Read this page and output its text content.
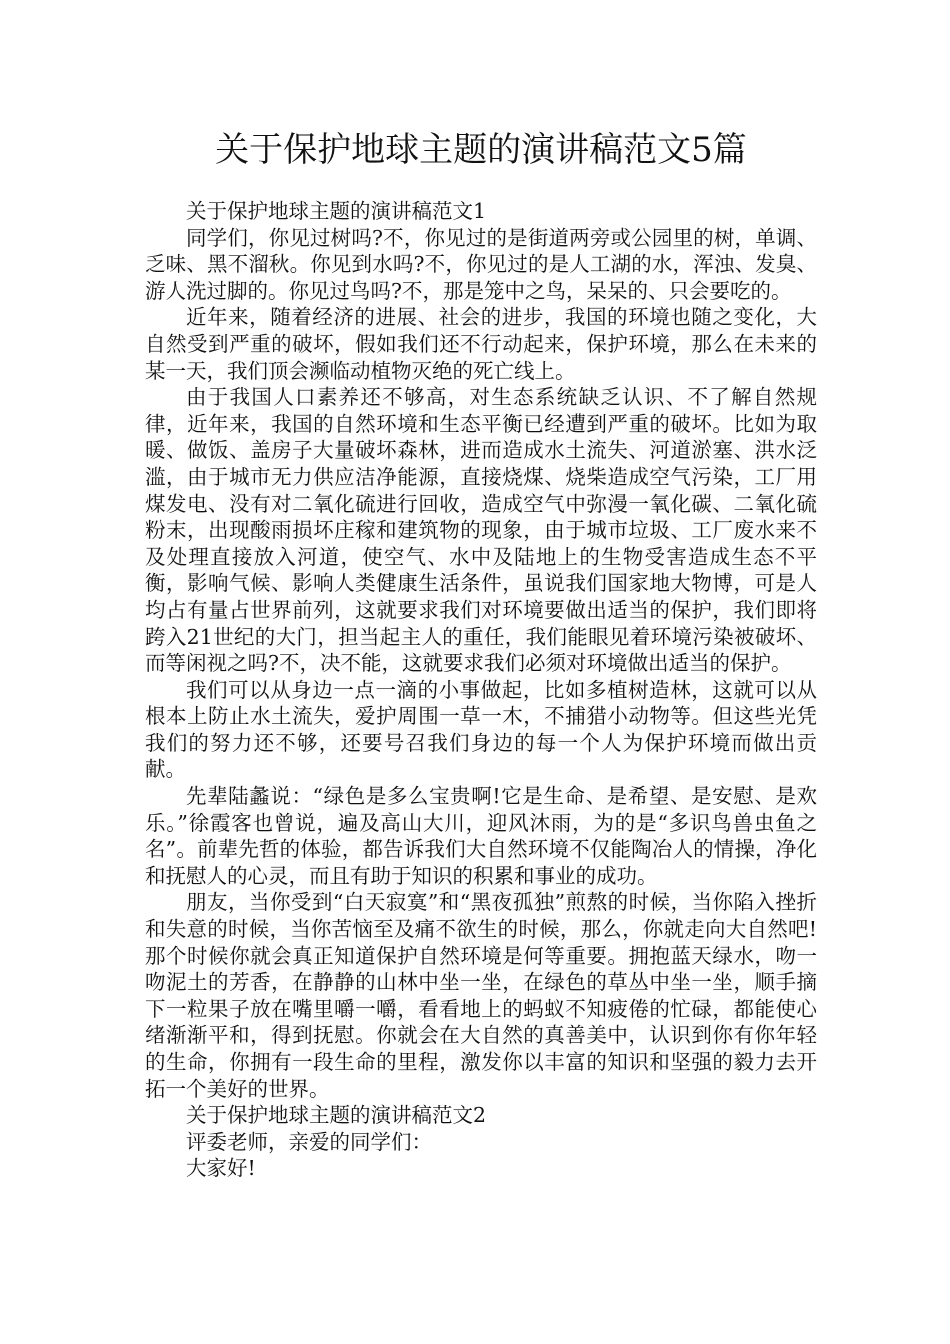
关于保护地球主题的演讲稿范文5篇

关于保护地球主题的演讲稿范文1

同学们，你见过树吗?不，你见过的是街道两旁或公园里的树，单调、乏味、黑不溜秋。你见到水吗?不，你见过的是人工湖的水，浑浊、发臭、游人洗过脚的。你见过鸟吗?不，那是笼中之鸟，呆呆的、只会要吃的。

近年来，随着经济的进展、社会的进步，我国的环境也随之变化，大自然受到严重的破坏，假如我们还不行动起来，保护环境，那么在未来的某一天，我们顶会濒临动植物灭绝的死亡线上。

由于我国人口素养还不够高，对生态系统缺乏认识、不了解自然规律，近年来，我国的自然环境和生态平衡已经遭到严重的破坏。比如为取暖、做饭、盖房子大量破坏森林，进而造成水土流失、河道淤塞、洪水泛滥，由于城市无力供应洁净能源，直接烧煤、烧柴造成空气污染，工厂用煤发电、没有对二氧化硫进行回收，造成空气中弥漫一氧化碳、二氧化硫粉末，出现酸雨损坏庄稼和建筑物的现象，由于城市垃圾、工厂废水来不及处理直接放入河道，使空气、水中及陆地上的生物受害造成生态不平衡，影响气候、影响人类健康生活条件，虽说我们国家地大物博，可是人均占有量占世界前列，这就要求我们对环境要做出适当的保护，我们即将跨入21世纪的大门，担当起主人的重任，我们能眼见着环境污染被破坏、而等闲视之吗?不，决不能，这就要求我们必须对环境做出适当的保护。

我们可以从身边一点一滴的小事做起，比如多植树造林，这就可以从根本上防止水土流失，爱护周围一草一木，不捕猎小动物等。但这些光凭我们的努力还不够，还要号召我们身边的每一个人为保护环境而做出贡献。

先辈陆蠡说：“绿色是多么宝贵啊!它是生命、是希望、是安慰、是欢乐。”徐霞客也曾说，遍及高山大川，迎风沐雨，为的是“多识鸟兽虫鱼之名”。前辈先哲的体验，都告诉我们大自然环境不仅能陶冶人的情操，净化和抚慰人的心灵，而且有助于知识的积累和事业的成功。

朋友，当你受到“白天寂寞”和“黑夜孤独”煎熬的时候，当你陷入挫折和失意的时候，当你苦恼至及痛不欲生的时候，那么，你就走向大自然吧!那个时候你就会真正知道保护自然环境是何等重要。拥抱蓝天绿水，吻一吻泥土的芳香，在静静的山林中坐一坐，在绿色的草丛中坐一坐，顺手摘下一粒果子放在嘴里嚼一嚼，看看地上的蚂蚁不知疲倦的忙碌，都能使心绪渐渐平和，得到抚慰。你就会在大自然的真善美中，认识到你有你年轻的生命，你拥有一段生命的里程，激发你以丰富的知识和坚强的毅力去开拓一个美好的世界。

关于保护地球主题的演讲稿范文2

评委老师，亲爱的同学们：

大家好!
